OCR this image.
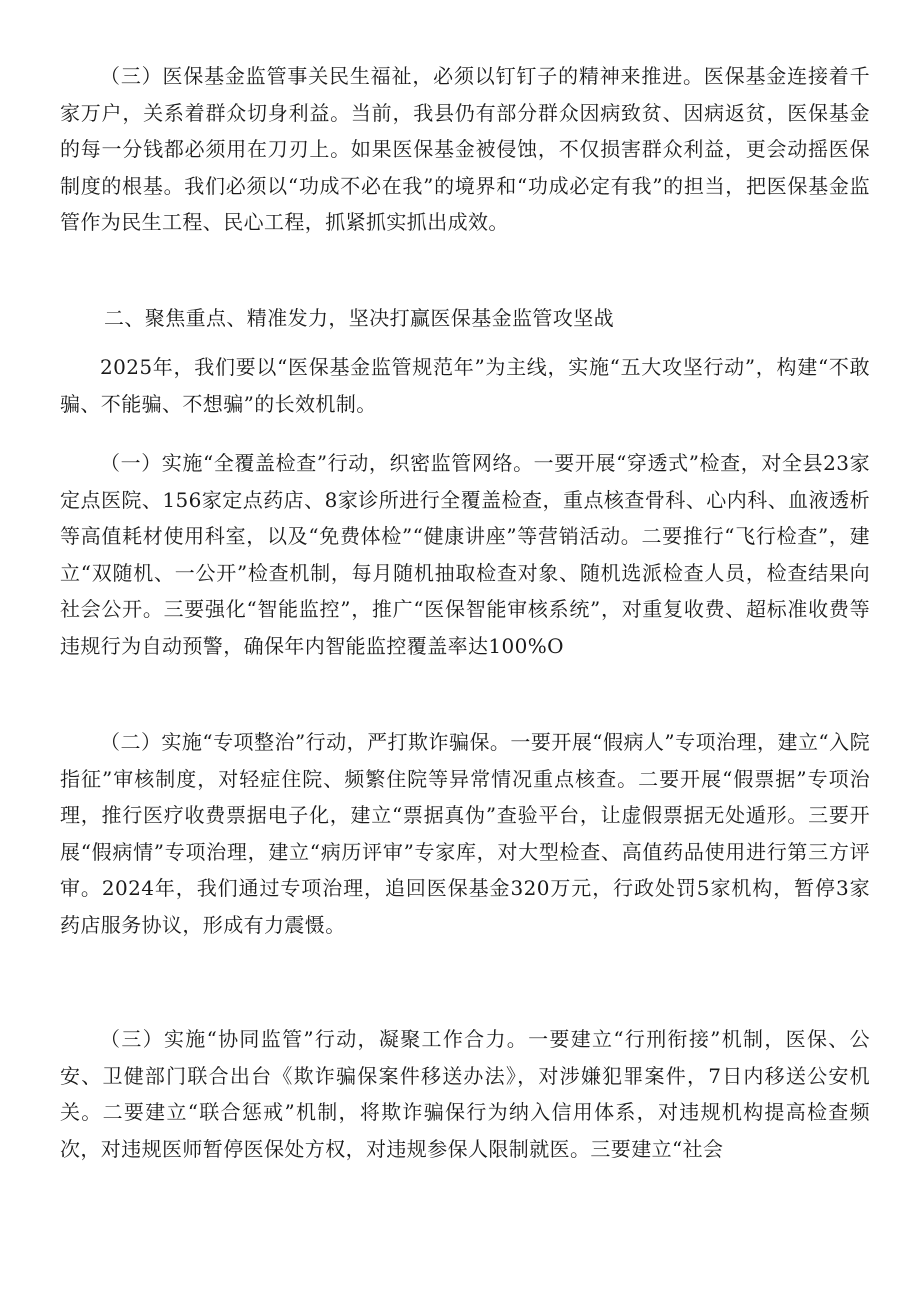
（三）医保基金监管事关民生福祉，必须以钉钉子的精神来推进。医保基金连接着千家万户，关系着群众切身利益。当前，我县仍有部分群众因病致贫、因病返贫，医保基金的每一分钱都必须用在刀刃上。如果医保基金被侵蚀，不仅损害群众利益，更会动摇医保制度的根基。我们必须以“功成不必在我”的境界和“功成必定有我”的担当，把医保基金监管作为民生工程、民心工程，抓紧抓实抓出成效。

二、聚焦重点、精准发力，坚决打赢医保基金监管攻坚战

2025年，我们要以“医保基金监管规范年”为主线，实施“五大攻坚行动”，构建“不敢骗、不能骗、不想骗”的长效机制。

（一）实施“全覆盖检查”行动，织密监管网络。一要开展“穿透式”检查，对全县23家定点医院、156家定点药店、8家诊所进行全覆盖检查，重点核查骨科、心内科、血液透析等高值耗材使用科室，以及“免费体检”“健康讲座”等营销活动。二要推行“飞行检查”，建立“双随机、一公开”检查机制，每月随机抽取检查对象、随机选派检查人员，检查结果向社会公开。三要强化“智能监控”，推广“医保智能审核系统”，对重复收费、超标准收费等违规行为自动预警，确保年内智能监控覆盖率达100%O

（二）实施“专项整治”行动，严打欺诈骗保。一要开展“假病人”专项治理，建立“入院指征”审核制度，对轻症住院、频繁住院等异常情况重点核查。二要开展“假票据”专项治理，推行医疗收费票据电子化，建立“票据真伪”查验平台，让虚假票据无处遁形。三要开展“假病情”专项治理，建立“病历评审”专家库，对大型检查、高值药品使用进行第三方评审。2024年，我们通过专项治理，追回医保基金320万元，行政处罚5家机构，暂停3家药店服务协议，形成有力震慑。

（三）实施“协同监管”行动，凝聚工作合力。一要建立“行刑衔接”机制，医保、公安、卫健部门联合出台《欺诈骗保案件移送办法》，对涉嫌犯罪案件，7日内移送公安机关。二要建立“联合惩戒”机制，将欺诈骗保行为纳入信用体系，对违规机构提高检查频次，对违规医师暂停医保处方权，对违规参保人限制就医。三要建立“社会
